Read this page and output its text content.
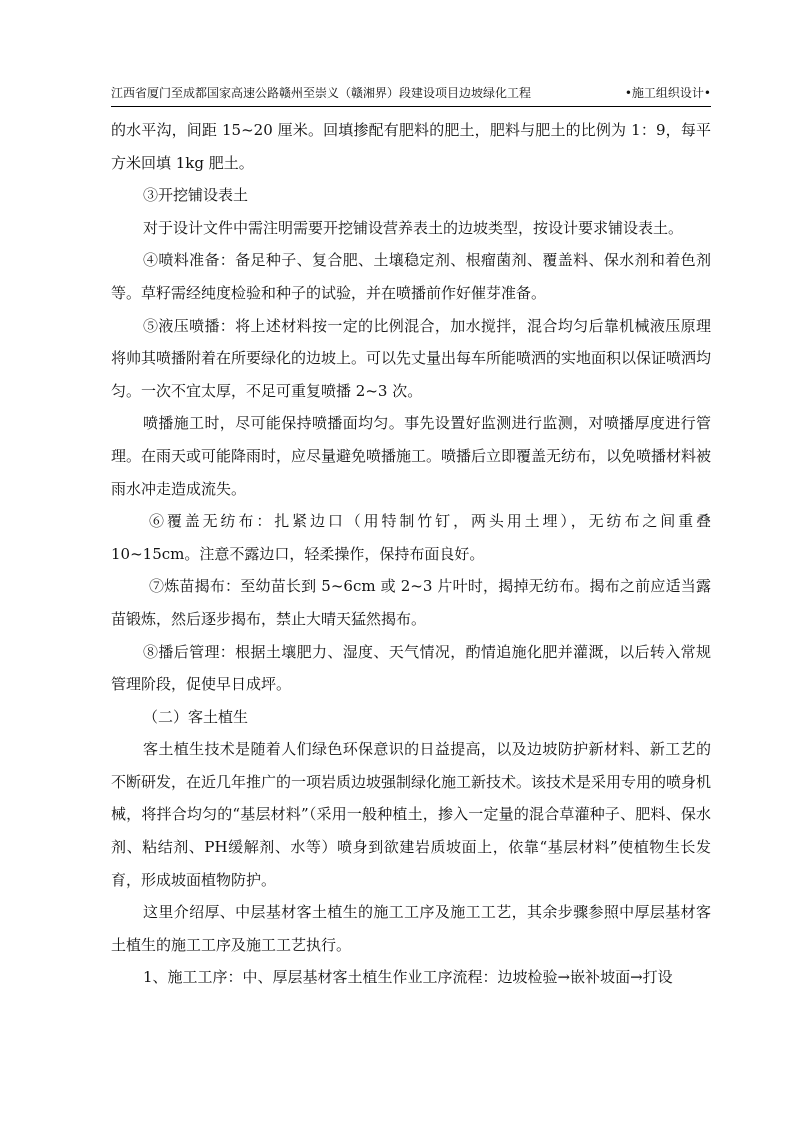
江西省厦门至成都国家高速公路赣州至崇义（赣湘界）段建设项目边坡绿化工程	•施工组织设计•

的水平沟，间距 15~20 厘米。回填掺配有肥料的肥土，肥料与肥土的比例为 1：9，每平方米回填 1kg 肥土。

③开挖铺设表土

对于设计文件中需注明需要开挖铺设营养表土的边坡类型，按设计要求铺设表土。

④喷料准备：备足种子、复合肥、土壤稳定剂、根瘤菌剂、覆盖料、保水剂和着色剂等。草籽需经纯度检验和种子的试验，并在喷播前作好催芽准备。

⑤液压喷播：将上述材料按一定的比例混合，加水搅拌，混合均匀后靠机械液压原理将帅其喷播附着在所要绿化的边坡上。可以先丈量出每车所能喷洒的实地面积以保证喷洒均匀。一次不宜太厚，不足可重复喷播 2~3 次。

喷播施工时，尽可能保持喷播面均匀。事先设置好监测进行监测，对喷播厚度进行管理。在雨天或可能降雨时，应尽量避免喷播施工。喷播后立即覆盖无纺布，以免喷播材料被雨水冲走造成流失。

⑥覆盖无纺布：扎紧边口（用特制竹钉，两头用土埋），无纺布之间重叠 10~15cm。注意不露边口，轻柔操作，保持布面良好。

⑦炼苗揭布：至幼苗长到 5~6cm 或 2~3 片叶时，揭掉无纺布。揭布之前应适当露苗锻炼，然后逐步揭布，禁止大晴天猛然揭布。

⑧播后管理：根据土壤肥力、湿度、天气情况，酌情追施化肥并灌溉，以后转入常规管理阶段，促使早日成坪。

（二）客土植生

客土植生技术是随着人们绿色环保意识的日益提高，以及边坡防护新材料、新工艺的不断研发，在近几年推广的一项岩质边坡强制绿化施工新技术。该技术是采用专用的喷身机械，将拌合均匀的“基层材料”（采用一般种植土，掺入一定量的混合草灌种子、肥料、保水剂、粘结剂、PH缓解剂、水等）喷身到欲建岩质坡面上，依靠“基层材料”使植物生长发育，形成坡面植物防护。

这里介绍厚、中层基材客土植生的施工工序及施工工艺，其余步骤参照中厚层基材客土植生的施工工序及施工工艺执行。

1、施工工序：中、厚层基材客土植生作业工序流程：边坡检验→嵌补坡面→打设
